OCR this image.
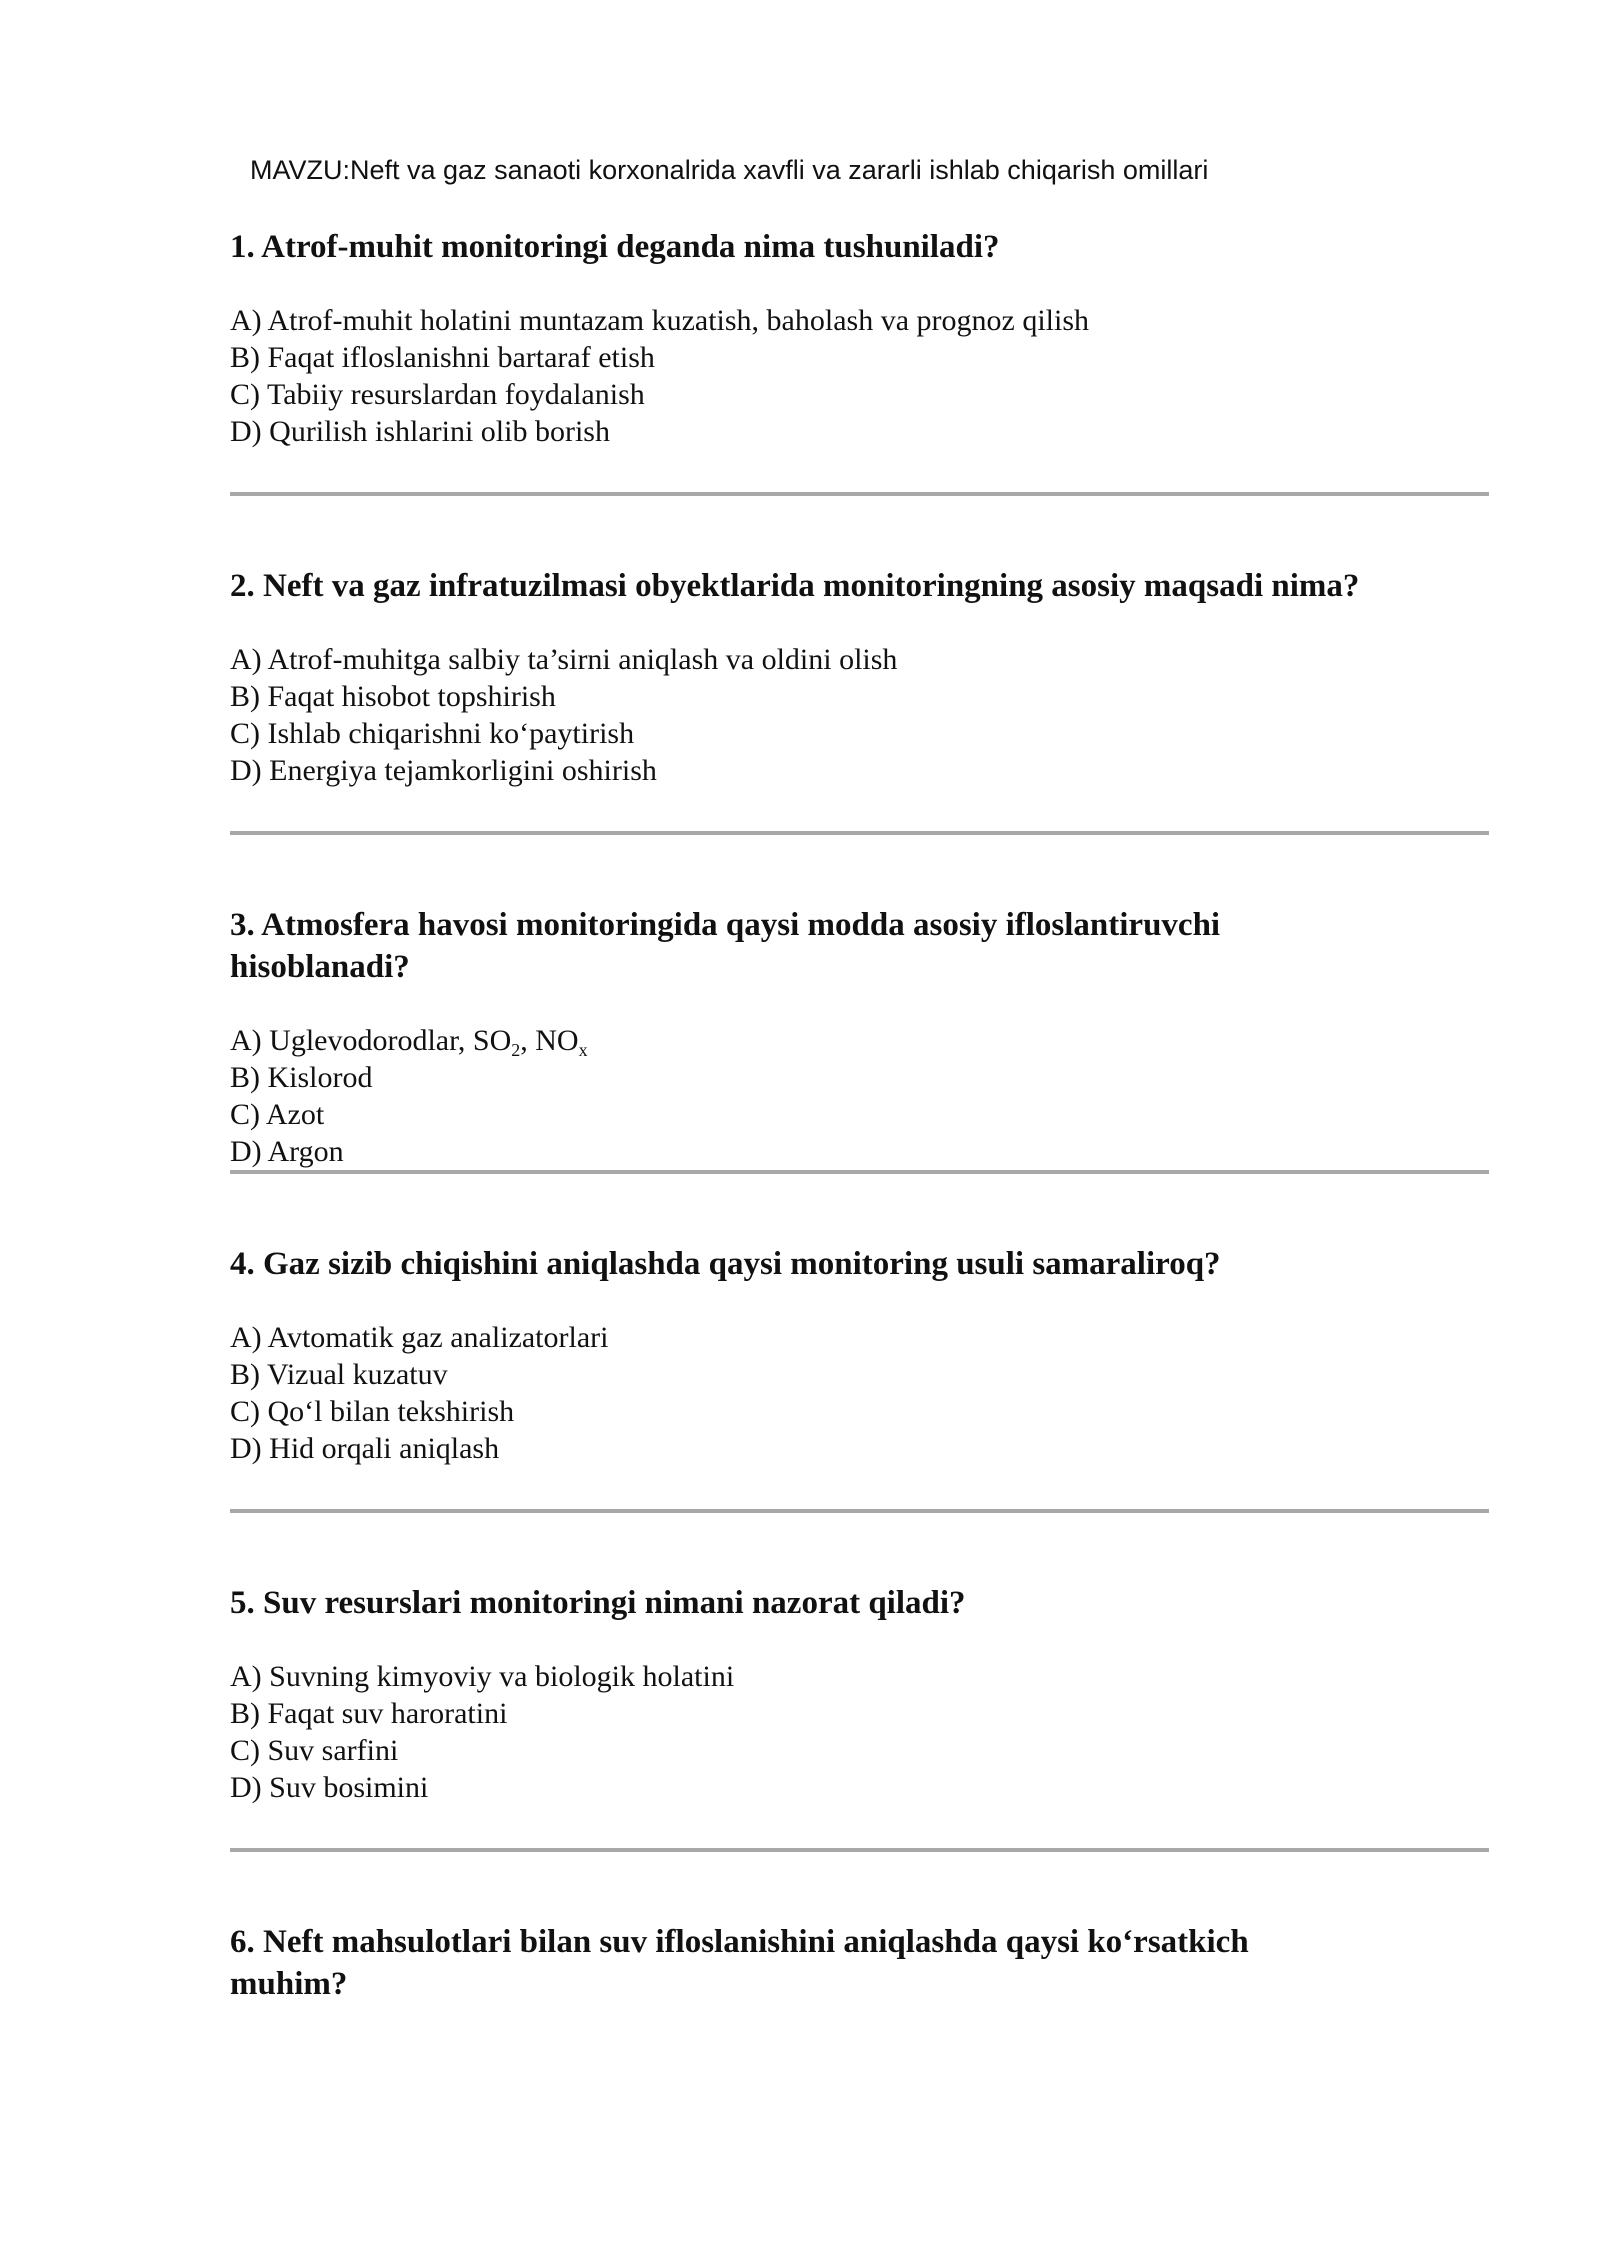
MAVZU:Neft va gaz sanaoti korxonalrida xavfli va zararli ishlab chiqarish omillari
1. Atrof-muhit monitoringi deganda nima tushuniladi?
A) Atrof-muhit holatini muntazam kuzatish, baholash va prognoz qilish
B) Faqat ifloslanishni bartaraf etish
C) Tabiiy resurslardan foydalanish
D) Qurilish ishlarini olib borish
2. Neft va gaz infratuzilmasi obyektlarida monitoringning asosiy maqsadi nima?
A) Atrof-muhitga salbiy ta’sirni aniqlash va oldini olish
B) Faqat hisobot topshirish
C) Ishlab chiqarishni ko‘paytirish
D) Energiya tejamkorligini oshirish
3. Atmosfera havosi monitoringida qaysi modda asosiy ifloslantiruvchi
hisoblanadi?
A) Uglevodorodlar, $SO_2$, $NO_x$
B) Kislorod
C) Azot
D) Argon
4. Gaz sizib chiqishini aniqlashda qaysi monitoring usuli samaraliroq?
A) Avtomatik gaz analizatorlari
B) Vizual kuzatuv
C) Qo‘l bilan tekshirish
D) Hid orqali aniqlash
5. Suv resurslari monitoringi nimani nazorat qiladi?
A) Suvning kimyoviy va biologik holatini
B) Faqat suv haroratini
C) Suv sarfini
D) Suv bosimini
6. Neft mahsulotlari bilan suv ifloslanishini aniqlashda qaysi ko‘rsatkich
muhim?
